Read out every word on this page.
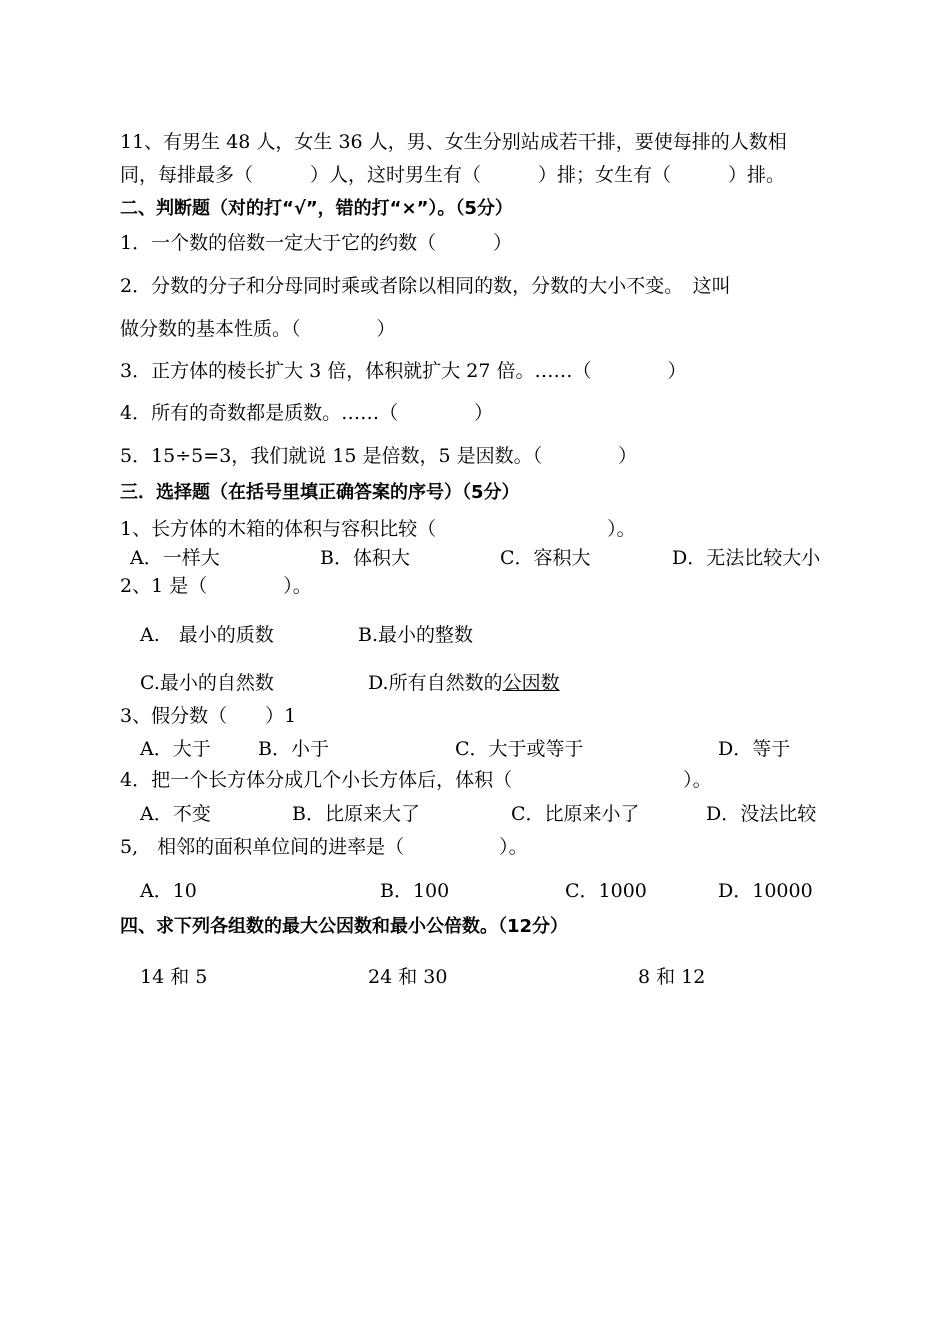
11、有男生 48 人，女生 36 人，男、女生分别站成若干排，要使每排的人数相
同，每排最多（　　　）人，这时男生有（　　　）排；女生有（　　　）排。
二、判断题（对的打“√”，错的打“×”）。（5分）
1．一个数的倍数一定大于它的约数（　　　）
2．分数的分子和分母同时乘或者除以相同的数，分数的大小不变。　这叫
做分数的基本性质。（　　　　）
3．正方体的棱长扩大 3 倍，体积就扩大 27 倍。……（　　　　）
4．所有的奇数都是质数。……（　　　　）
5．15÷5=3，我们就说 15 是倍数，5 是因数。（　　　　）
三．选择题（在括号里填正确答案的序号）（5分）
1、长方体的木箱的体积与容积比较（　　　　　　　　　）。
A．一样大	B．体积大	C．容积大	D．无法比较大小
2、1 是（　　　　）。
A.　最小的质数	B.最小的整数
C.最小的自然数	D.所有自然数的公因数
3、假分数（　　）1
A．大于 B．小于	C．大于或等于	D．等于
4．把一个长方体分成几个小长方体后，体积（　　　　　　　　　）。
A．不变	B．比原来大了	C．比原来小了	D．没法比较
5,　相邻的面积单位间的进率是（　　　　　）。
A．10	B．100	C．1000	D．10000
四、求下列各组数的最大公因数和最小公倍数。（12分）
14 和 5	24 和 30	8 和 12
